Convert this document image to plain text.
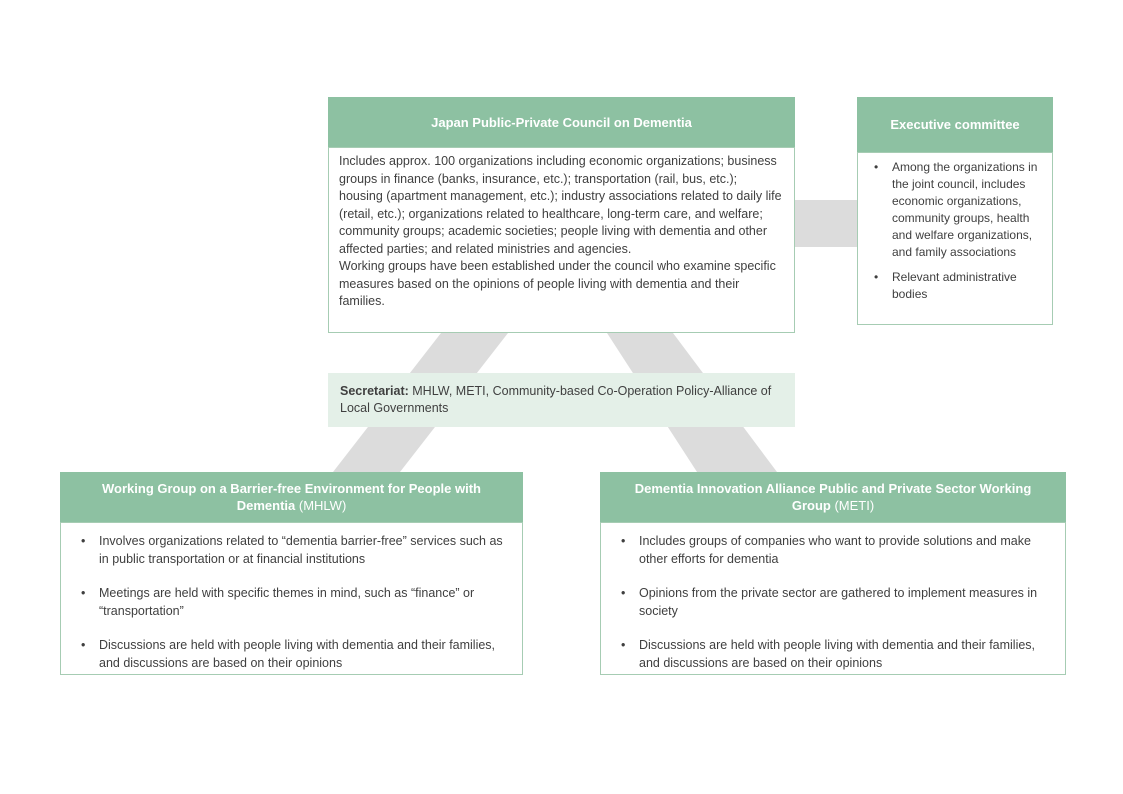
Japan Public-Private Council on Dementia

Includes approx. 100 organizations including economic organizations; business groups in finance (banks, insurance, etc.); transportation (rail, bus, etc.); housing (apartment management, etc.); industry associations related to daily life (retail, etc.); organizations related to healthcare, long-term care, and welfare; community groups; academic societies; people living with dementia and other affected parties; and related ministries and agencies.

Working groups have been established under the council who examine specific measures based on the opinions of people living with dementia and their families.

Executive committee
• Among the organizations in the joint council, includes economic organizations, community groups, health and welfare organizations, and family associations
• Relevant administrative bodies
Secretariat: MHLW, METI, Community-based Co-Operation Policy-Alliance of Local Governments
Working Group on a Barrier-free Environment for People with Dementia (MHLW)
• Involves organizations related to “dementia barrier-free” services such as in public transportation or at financial institutions
• Meetings are held with specific themes in mind, such as “finance” or “transportation”
• Discussions are held with people living with dementia and their families, and discussions are based on their opinions
Dementia Innovation Alliance Public and Private Sector Working Group (METI)
• Includes groups of companies who want to provide solutions and make other efforts for dementia
• Opinions from the private sector are gathered to implement measures in society
• Discussions are held with people living with dementia and their families, and discussions are based on their opinions
